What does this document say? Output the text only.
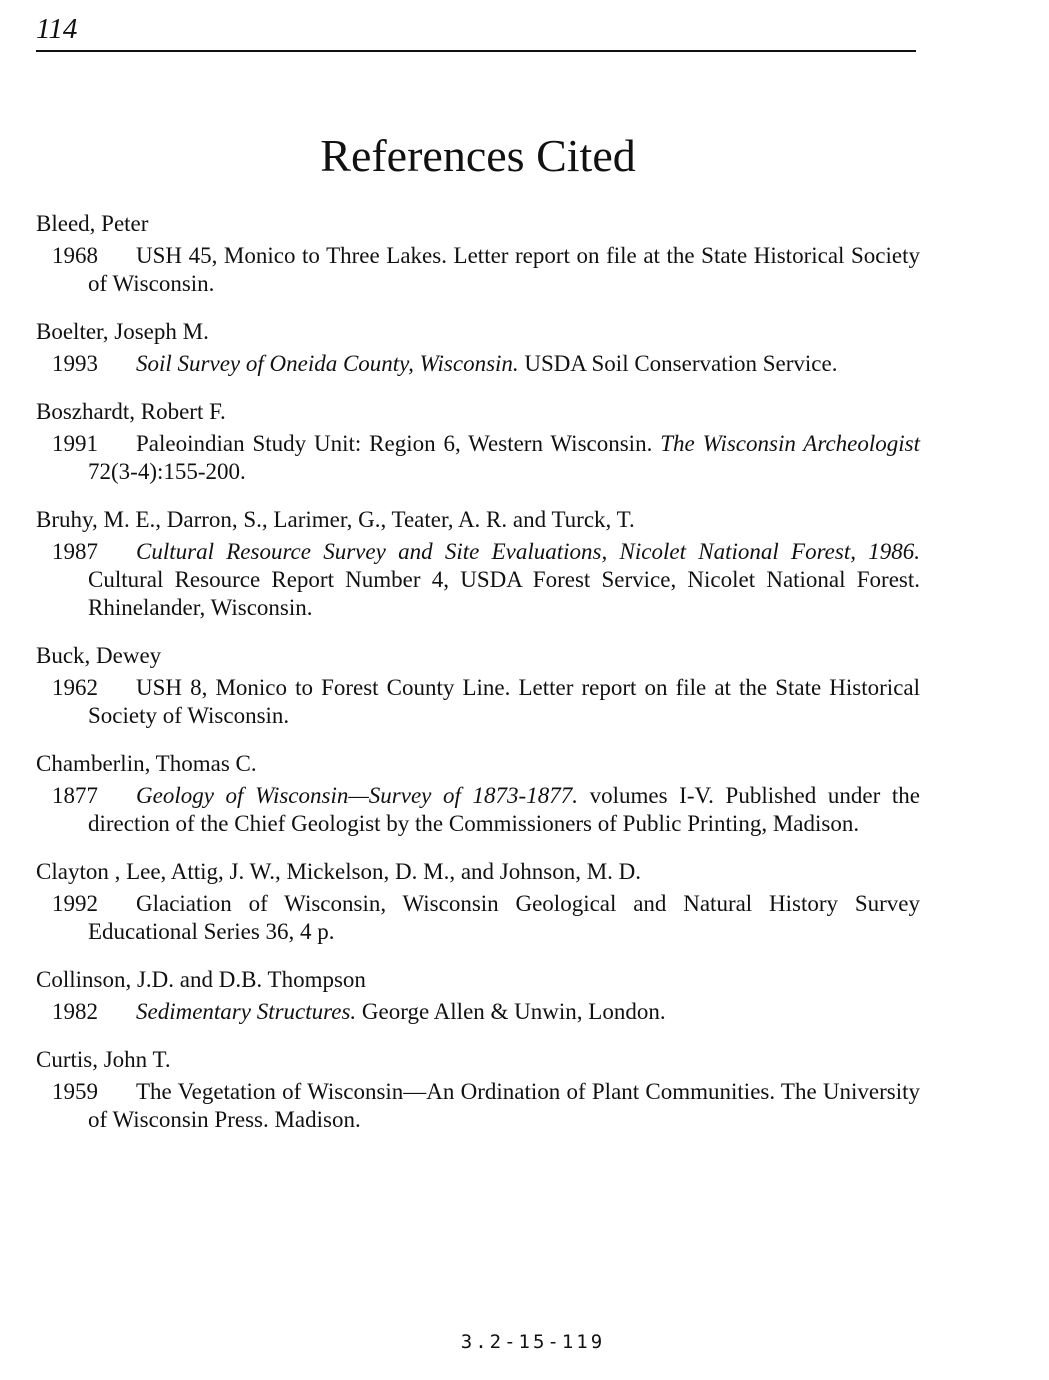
114
References Cited
Bleed, Peter

1968 USH 45, Monico to Three Lakes. Letter report on file at the State Historical Society of Wisconsin.

Boelter, Joseph M.

1993 Soil Survey of Oneida County, Wisconsin. USDA Soil Conservation Service.

Boszhardt, Robert F.

1991 Paleoindian Study Unit: Region 6, Western Wisconsin. The Wisconsin Archeologist 72(3-4):155-200.

Bruhy, M. E., Darron, S., Larimer, G., Teater, A. R. and Turck, T.

1987 Cultural Resource Survey and Site Evaluations, Nicolet National Forest, 1986. Cultural Resource Report Number 4, USDA Forest Service, Nicolet National Forest. Rhinelander, Wisconsin.

Buck, Dewey

1962 USH 8, Monico to Forest County Line. Letter report on file at the State Historical Society of Wisconsin.

Chamberlin, Thomas C.

1877 Geology of Wisconsin—Survey of 1873-1877. volumes I-V. Published under the direction of the Chief Geologist by the Commissioners of Public Printing, Madison.

Clayton , Lee, Attig, J. W., Mickelson, D. M., and Johnson, M. D.

1992 Glaciation of Wisconsin, Wisconsin Geological and Natural History Survey Educational Series 36, 4 p.

Collinson, J.D. and D.B. Thompson

1982 Sedimentary Structures. George Allen & Unwin, London.

Curtis, John T.

1959 The Vegetation of Wisconsin—An Ordination of Plant Communities. The University of Wisconsin Press. Madison.

3.2-15-119
